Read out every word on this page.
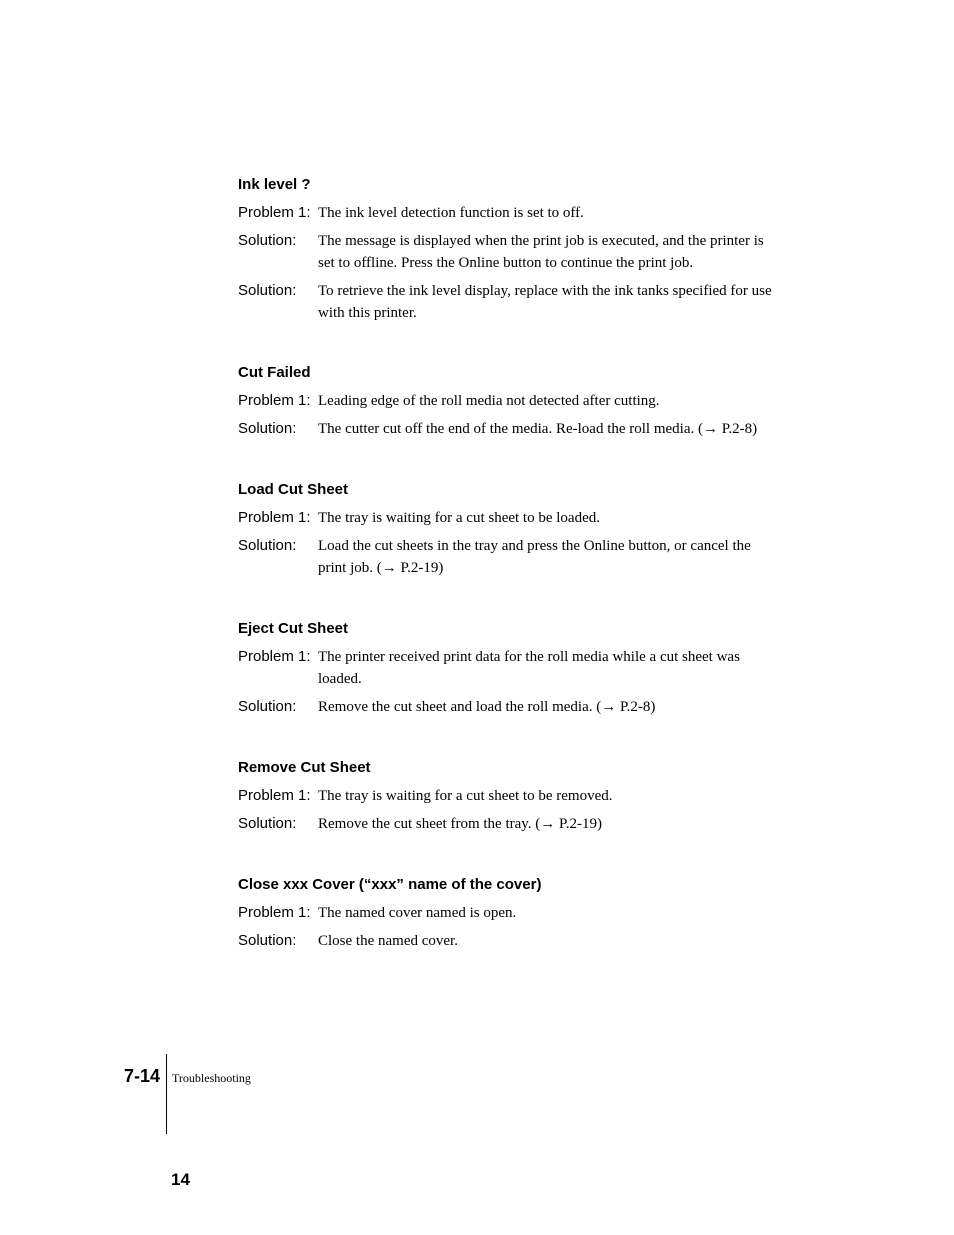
Ink level ?
Problem 1: The ink level detection function is set to off.
Solution:	The message is displayed when the print job is executed, and the printer is set to offline. Press the Online button to continue the print job.
Solution:	To retrieve the ink level display, replace with the ink tanks specified for use with this printer.
Cut Failed
Problem 1: Leading edge of the roll media not detected after cutting.
Solution:	The cutter cut off the end of the media. Re-load the roll media. (→ P.2-8)
Load Cut Sheet
Problem 1: The tray is waiting for a cut sheet to be loaded.
Solution:	Load the cut sheets in the tray and press the Online button, or cancel the print job. (→ P.2-19)
Eject Cut Sheet
Problem 1: The printer received print data for the roll media while a cut sheet was loaded.
Solution:	Remove the cut sheet and load the roll media. (→ P.2-8)
Remove Cut Sheet
Problem 1: The tray is waiting for a cut sheet to be removed.
Solution:	Remove the cut sheet from the tray. (→ P.2-19)
Close xxx Cover (“xxx” name of the cover)
Problem 1: The named cover named is open.
Solution:	Close the named cover.
7-14 Troubleshooting
14
